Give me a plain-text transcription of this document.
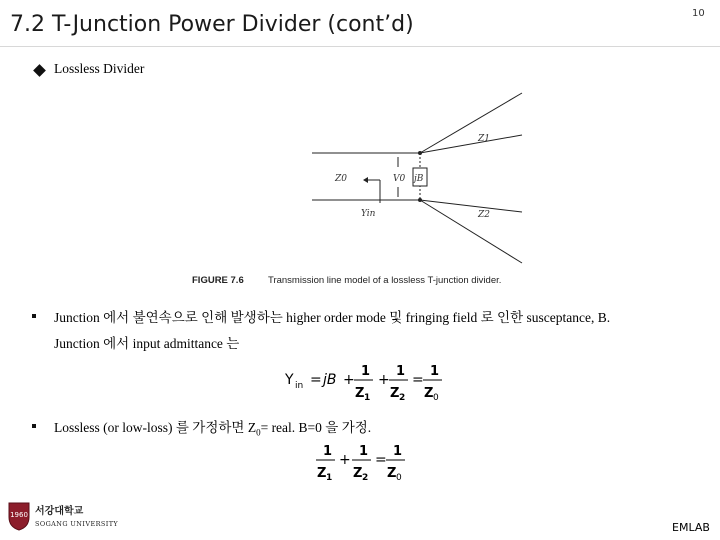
7.2 T-Junction Power Divider (cont’d)	10
Lossless Divider
Z0	V0 jB
Yin
Z1
Z2
FIGURE 7.6	Transmission line model of a lossless T-junction divider.
Junction 에서 불연속으로 인해 발생하는 higher order mode 및 fringing field 로 인한 susceptance, B.
Junction 에서 input admittance 는
Y in = jB +
1
Z 1
+
1
Z 2
=
1
Z 0
Lossless (or low-loss) 를 가정하면 $Z_0=$ real. B=0 을 가정.
1
Z 1
+
1
Z 2
=
1
Z 0
1960 서강대학교
SOGANG UNIVERSITY	EMLAB
